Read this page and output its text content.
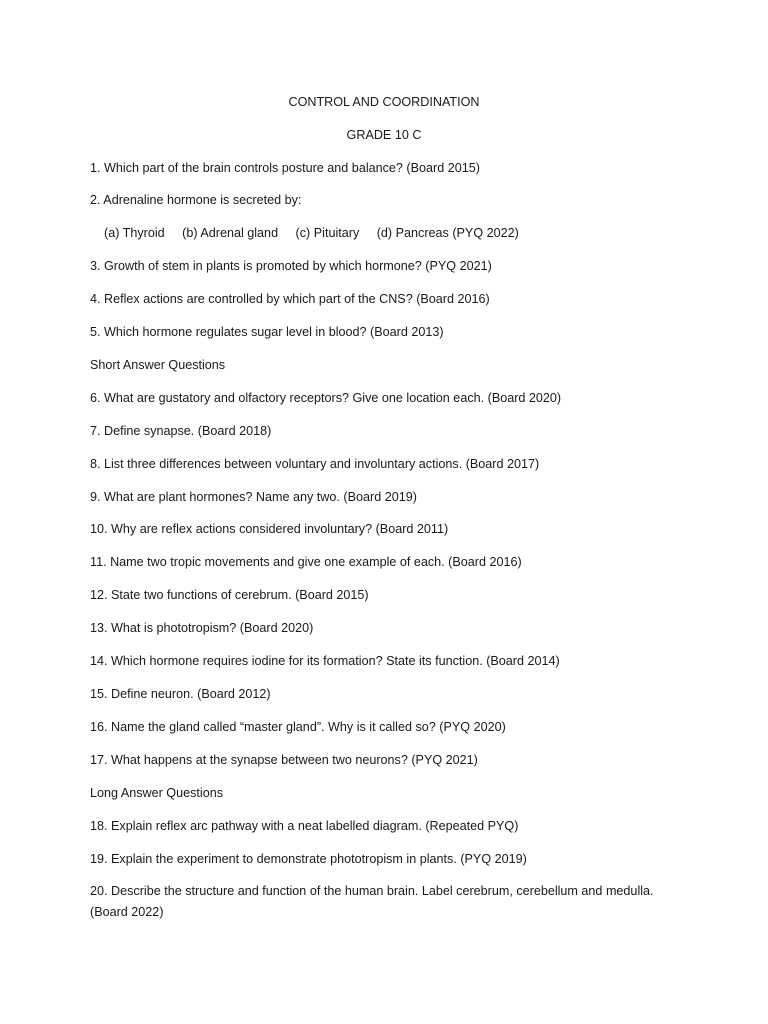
CONTROL AND COORDINATION

GRADE 10 C

1. Which part of the brain controls posture and balance? (Board 2015)

2. Adrenaline hormone is secreted by:

(a) Thyroid     (b) Adrenal gland     (c) Pituitary     (d) Pancreas (PYQ 2022)

3. Growth of stem in plants is promoted by which hormone? (PYQ 2021)

4. Reflex actions are controlled by which part of the CNS? (Board 2016)

5. Which hormone regulates sugar level in blood? (Board 2013)

Short Answer Questions

6. What are gustatory and olfactory receptors? Give one location each. (Board 2020)

7. Define synapse. (Board 2018)

8. List three differences between voluntary and involuntary actions. (Board 2017)

9. What are plant hormones? Name any two. (Board 2019)

10. Why are reflex actions considered involuntary? (Board 2011)

11. Name two tropic movements and give one example of each. (Board 2016)

12. State two functions of cerebrum. (Board 2015)

13. What is phototropism? (Board 2020)

14. Which hormone requires iodine for its formation? State its function. (Board 2014)

15. Define neuron. (Board 2012)

16. Name the gland called “master gland”. Why is it called so? (PYQ 2020)

17. What happens at the synapse between two neurons? (PYQ 2021)

Long Answer Questions

18. Explain reflex arc pathway with a neat labelled diagram. (Repeated PYQ)

19. Explain the experiment to demonstrate phototropism in plants. (PYQ 2019)

20. Describe the structure and function of the human brain. Label cerebrum, cerebellum and medulla. (Board 2022)
